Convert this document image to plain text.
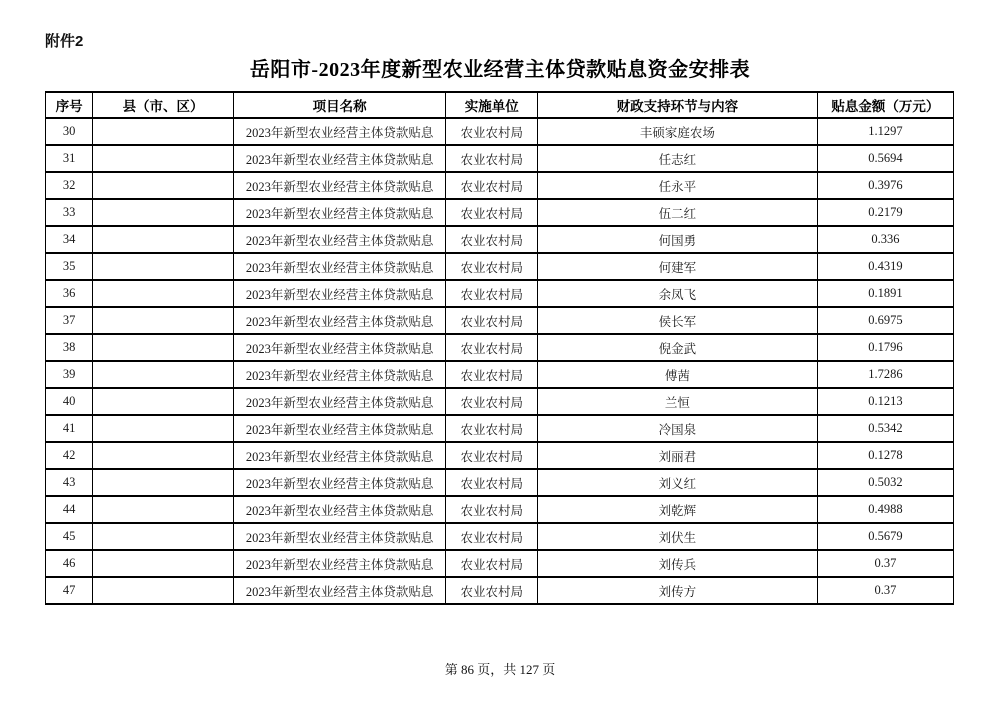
附件2
岳阳市-2023年度新型农业经营主体贷款贴息资金安排表
序号	县（市、区）	项目名称	实施单位	财政支持环节与内容	贴息金额（万元）
30		2023年新型农业经营主体贷款贴息	农业农村局	丰硕家庭农场	1.1297
31		2023年新型农业经营主体贷款贴息	农业农村局	任志红	0.5694
32		2023年新型农业经营主体贷款贴息	农业农村局	任永平	0.3976
33		2023年新型农业经营主体贷款贴息	农业农村局	伍二红	0.2179
34		2023年新型农业经营主体贷款贴息	农业农村局	何国勇	0.336
35		2023年新型农业经营主体贷款贴息	农业农村局	何建军	0.4319
36		2023年新型农业经营主体贷款贴息	农业农村局	余凤飞	0.1891
37		2023年新型农业经营主体贷款贴息	农业农村局	侯长军	0.6975
38		2023年新型农业经营主体贷款贴息	农业农村局	倪金武	0.1796
39		2023年新型农业经营主体贷款贴息	农业农村局	傅茜	1.7286
40		2023年新型农业经营主体贷款贴息	农业农村局	兰恒	0.1213
41		2023年新型农业经营主体贷款贴息	农业农村局	冷国泉	0.5342
42		2023年新型农业经营主体贷款贴息	农业农村局	刘丽君	0.1278
43		2023年新型农业经营主体贷款贴息	农业农村局	刘义红	0.5032
44		2023年新型农业经营主体贷款贴息	农业农村局	刘乾辉	0.4988
45		2023年新型农业经营主体贷款贴息	农业农村局	刘伏生	0.5679
46		2023年新型农业经营主体贷款贴息	农业农村局	刘传兵	0.37
47		2023年新型农业经营主体贷款贴息	农业农村局	刘传方	0.37
第 86 页，共 127 页
